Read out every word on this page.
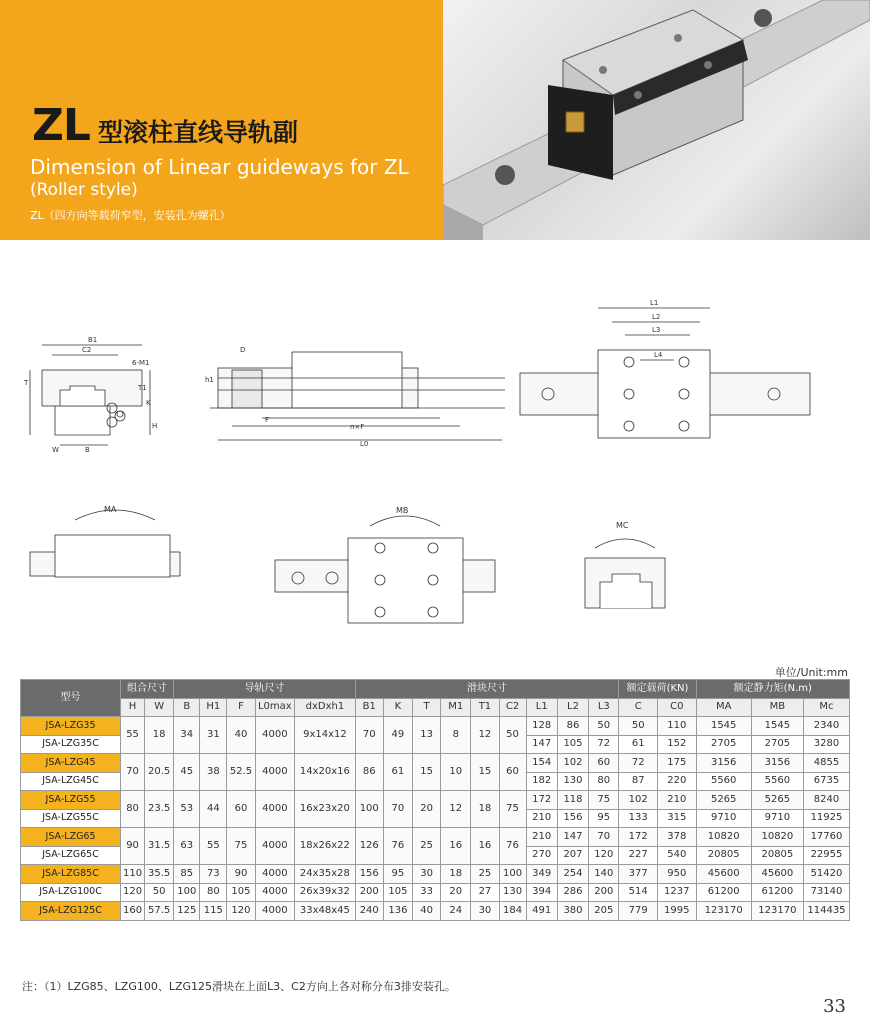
ZL 型滚柱直线导轨副
Dimension of Linear guideways for ZL
(Roller style)
ZL（四方向等载荷窄型，安装孔为螺孔）
B1
C2
6-M1
T
T1
K
H
W	B
D
h1
F
n×F
L0
L1
L2
L3
L4
MA	MB
MC
单位/Unit:mm
型号	组合尺寸		导轨尺寸					滑块尺寸									额定载荷(KN)		额定静力矩(N.m)		
	H	W	B	H1	F	L0max	dxDxh1	B1	K	T	M1	T1	C2	L1	L2	L3	C	C0	MA	MB	Mc
JSA-LZG35	55	18	34	31	40	4000	9x14x12	70	49	13	8	12	50	128	86	50	50	110	1545	1545	2340
JSA-LZG35C														147	105	72	61	152	2705	2705	3280
JSA-LZG45	70	20.5	45	38	52.5	4000	14x20x16	86	61	15	10	15	60	154	102	60	72	175	3156	3156	4855
JSA-LZG45C														182	130	80	87	220	5560	5560	6735
JSA-LZG55	80	23.5	53	44	60	4000	16x23x20	100	70	20	12	18	75	172	118	75	102	210	5265	5265	8240
JSA-LZG55C														210	156	95	133	315	9710	9710	11925
JSA-LZG65	90	31.5	63	55	75	4000	18x26x22	126	76	25	16	16	76	210	147	70	172	378	10820	10820	17760
JSA-LZG65C														270	207	120	227	540	20805	20805	22955
JSA-LZG85C	110	35.5	85	73	90	4000	24x35x28	156	95	30	18	25	100	349	254	140	377	950	45600	45600	51420
JSA-LZG100C	120	50	100	80	105	4000	26x39x32	200	105	33	20	27	130	394	286	200	514	1237	61200	61200	73140
JSA-LZG125C	160	57.5	125	115	120	4000	33x48x45	240	136	40	24	30	184	491	380	205	779	1995	123170	123170	114435
注：（1）LZG85、LZG100、LZG125滑块在上面L3、C2方向上各对称分布3排安装孔。
33
